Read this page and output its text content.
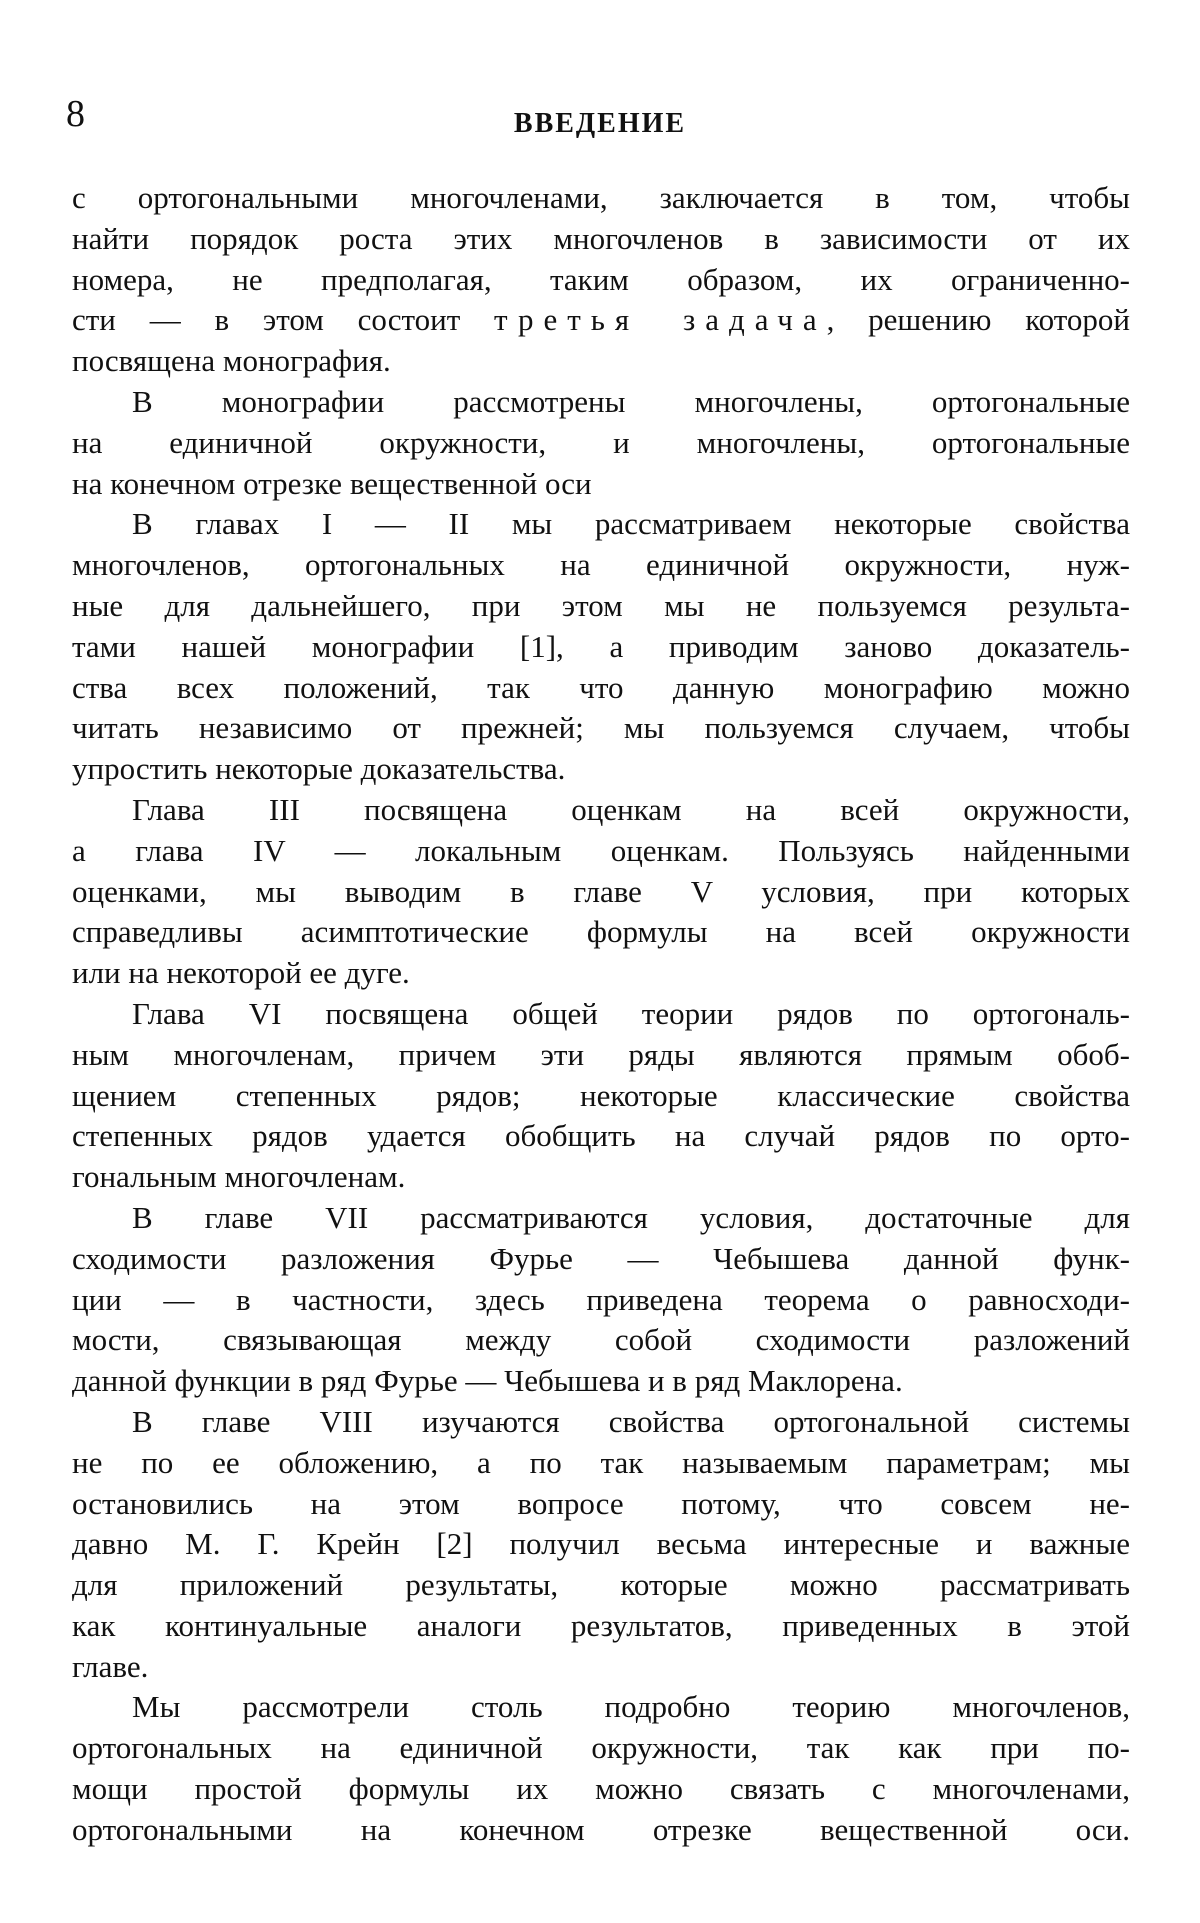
8	ВВЕДЕНИЕ
с ортогональными многочленами, заключается в том, чтобы
найти порядок роста этих многочленов в зависимости от их
номера, не предполагая, таким образом, их ограниченно-
сти — в этом состоит третья задача, решению которой
посвящена монография.
В монографии рассмотрены многочлены, ортогональные
на единичной окружности, и многочлены, ортогональные
на конечном отрезке вещественной оси
В главах I — II мы рассматриваем некоторые свойства
многочленов, ортогональных на единичной окружности, нуж-
ные для дальнейшего, при этом мы не пользуемся результа-
тами нашей монографии [1], а приводим заново доказатель-
ства всех положений, так что данную монографию можно
читать независимо от прежней; мы пользуемся случаем, чтобы
упростить некоторые доказательства.
Глава III посвящена оценкам на всей окружности,
а глава IV — локальным оценкам. Пользуясь найденными
оценками, мы выводим в главе V условия, при которых
справедливы асимптотические формулы на всей окружности
или на некоторой ее дуге.
Глава VI посвящена общей теории рядов по ортогональ-
ным многочленам, причем эти ряды являются прямым обоб-
щением степенных рядов; некоторые классические свойства
степенных рядов удается обобщить на случай рядов по орто-
гональным многочленам.
В главе VII рассматриваются условия, достаточные для
сходимости разложения Фурье — Чебышева данной функ-
ции — в частности, здесь приведена теорема о равносходи-
мости, связывающая между собой сходимости разложений
данной функции в ряд Фурье — Чебышева и в ряд Маклорена.
В главе VIII изучаются свойства ортогональной системы
не по ее обложению, а по так называемым параметрам; мы
остановились на этом вопросе потому, что совсем не-
давно М. Г. Крейн [2] получил весьма интересные и важные
для приложений результаты, которые можно рассматривать
как континуальные аналоги результатов, приведенных в этой
главе.
Мы рассмотрели столь подробно теорию многочленов,
ортогональных на единичной окружности, так как при по-
мощи простой формулы их можно связать с многочленами,
ортогональными на конечном отрезке вещественной оси.
